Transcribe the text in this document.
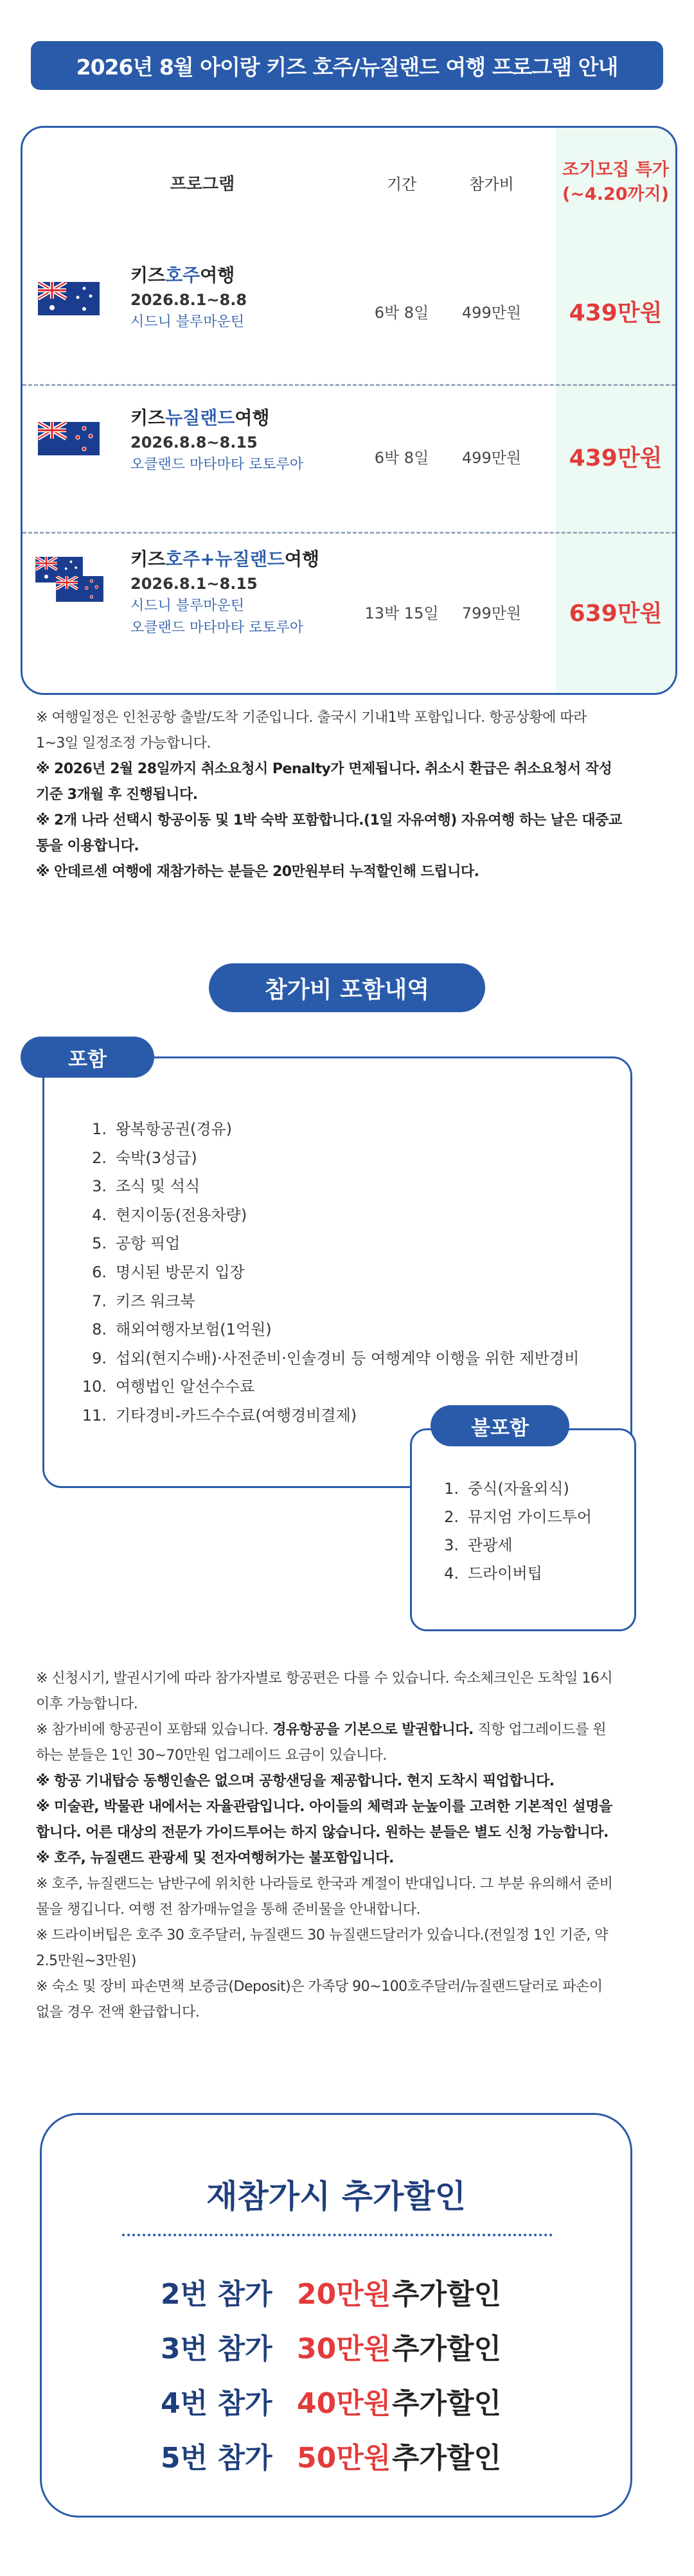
2026년 8월 아이랑 키즈 호주/뉴질랜드 여행 프로그램 안내
프로그램	기간	참가비
조기모집 특가
(~4.20까지)
키즈호주여행
2026.8.1~8.8
시드니 블루마운틴
6박 8일	499만원	439만원
키즈뉴질랜드여행
2026.8.8~8.15
오클랜드 마타마타 로토루아	6박 8일	499만원	439만원
키즈호주+뉴질랜드여행
2026.8.1~8.15
시드니 블루마운틴
오클랜드 마타마타 로토루아
13박 15일	799만원	639만원

※ 여행일정은 인천공항 출발/도착 기준입니다. 출국시 기내1박 포함입니다. 항공상황에 따라

1~3일 일정조정 가능합니다.

※ 2026년 2월 28일까지 취소요청시 Penalty가 면제됩니다. 취소시 환급은 취소요청서 작성

기준 3개월 후 진행됩니다.

※ 2개 나라 선택시 항공이동 및 1박 숙박 포함합니다.(1일 자유여행) 자유여행 하는 날은 대중교

통을 이용합니다.

※ 안데르센 여행에 재참가하는 분들은 20만원부터 누적할인해 드립니다.

참가비 포함내역
포함
1. 왕복항공권(경유)
2. 숙박(3성급)
3. 조식 및 석식
4. 현지이동(전용차량)
5. 공항 픽업
6. 명시된 방문지 입장
7. 키즈 워크북
8. 해외여행자보험(1억원)
9. 섭외(현지수배)·사전준비·인솔경비 등 여행계약 이행을 위한 제반경비
10. 여행법인 알선수수료
11. 기타경비-카드수수료(여행경비결제)
불포함
1. 중식(자율외식)
2. 뮤지엄 가이드투어
3. 관광세
4. 드라이버팁

※ 신청시기, 발권시기에 따라 참가자별로 항공편은 다를 수 있습니다. 숙소체크인은 도착일 16시

이후 가능합니다.

※ 참가비에 항공권이 포함돼 있습니다. 경유항공을 기본으로 발권합니다. 직항 업그레이드를 원

하는 분들은 1인 30~70만원 업그레이드 요금이 있습니다.

※ 항공 기내탑승 동행인솔은 없으며 공항샌딩을 제공합니다. 현지 도착시 픽업합니다.

※ 미술관, 박물관 내에서는 자율관람입니다. 아이들의 체력과 눈높이를 고려한 기본적인 설명을

합니다. 어른 대상의 전문가 가이드투어는 하지 않습니다. 원하는 분들은 별도 신청 가능합니다.

※ 호주, 뉴질랜드 관광세 및 전자여행허가는 불포함입니다.

※ 호주, 뉴질랜드는 남반구에 위치한 나라들로 한국과 계절이 반대입니다. 그 부분 유의해서 준비

물을 챙깁니다. 여행 전 참가매뉴얼을 통해 준비물을 안내합니다.

※ 드라이버팁은 호주 30 호주달러, 뉴질랜드 30 뉴질랜드달러가 있습니다.(전일정 1인 기준, 약

2.5만원~3만원)

※ 숙소 및 장비 파손면책 보증금(Deposit)은 가족당 90~100호주달러/뉴질랜드달러로 파손이

없을 경우 전액 환급합니다.

재참가시 추가할인
2번 참가 20만원추가할인
3번 참가 30만원추가할인
4번 참가 40만원추가할인
5번 참가 50만원추가할인
